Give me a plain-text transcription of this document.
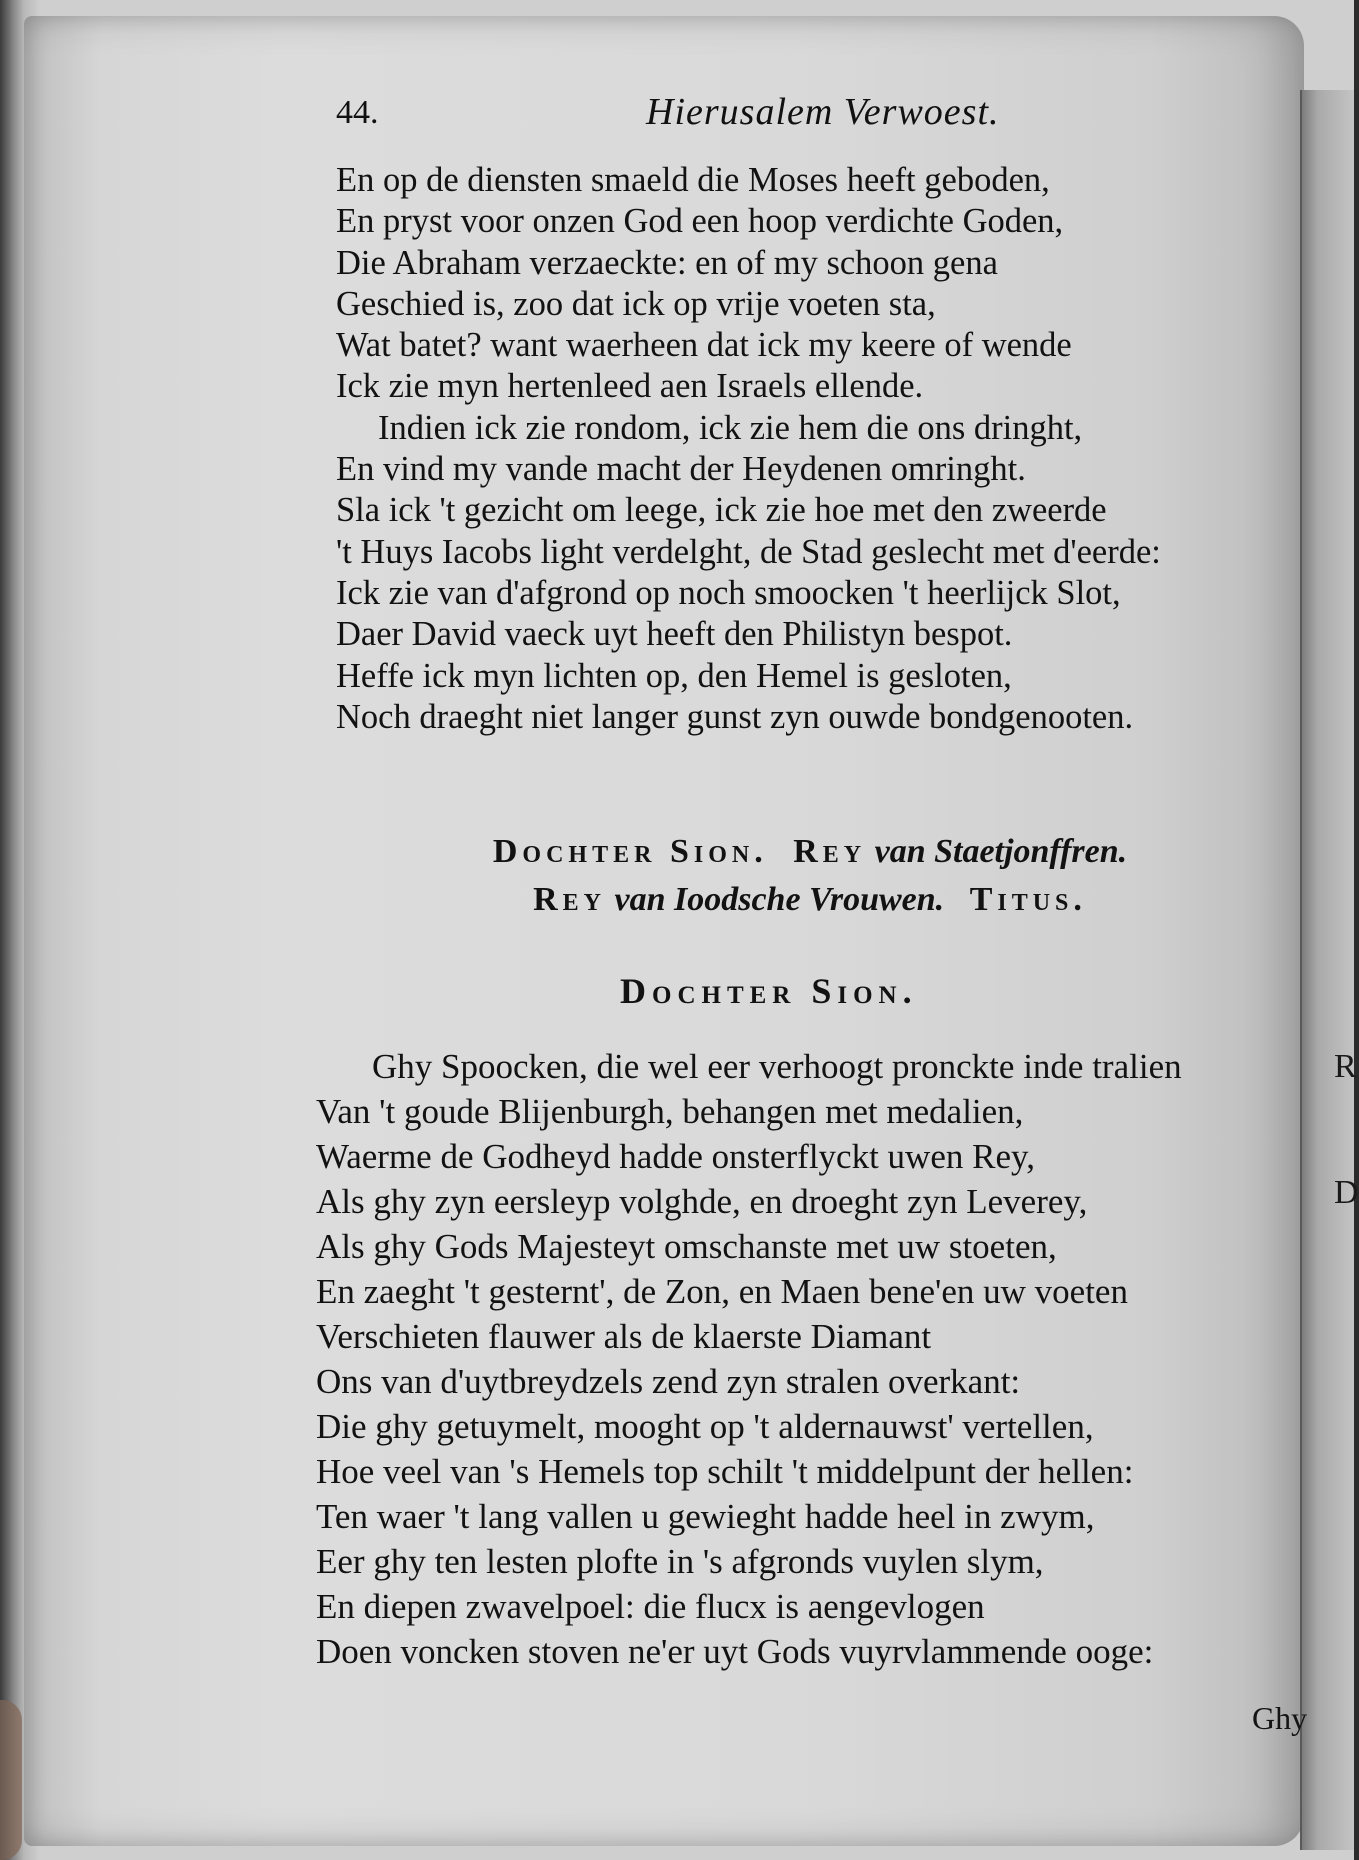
R
D
44.	Hierusalem Verwoest.
En op de diensten smaeld die Moses heeft geboden,
En pryst voor onzen God een hoop verdichte Goden,
Die Abraham verzaeckte: en of my schoon gena
Geschied is, zoo dat ick op vrije voeten sta,
Wat batet? want waerheen dat ick my keere of wende
Ick zie myn hertenleed aen Israels ellende.
Indien ick zie rondom, ick zie hem die ons dringht,
En vind my vande macht der Heydenen omringht.
Sla ick 't gezicht om leege, ick zie hoe met den zweerde
't Huys Iacobs light verdelght, de Stad geslecht met d'eerde:
Ick zie van d'afgrond op noch smoocken 't heerlijck Slot,
Daer David vaeck uyt heeft den Philistyn bespot.
Heffe ick myn lichten op, den Hemel is gesloten,
Noch draeght niet langer gunst zyn ouwde bondgenooten.
Dochter Sion. Rey van Staetjonffren.
Rey van Ioodsche Vrouwen. Titus.
Dochter Sion.
Ghy Spoocken, die wel eer verhoogt pronckte inde tralien
Van 't goude Blijenburgh, behangen met medalien,
Waerme de Godheyd hadde onsterflyckt uwen Rey,
Als ghy zyn eersleyp volghde, en droeght zyn Leverey,
Als ghy Gods Majesteyt omschanste met uw stoeten,
En zaeght 't gesternt', de Zon, en Maen bene'en uw voeten
Verschieten flauwer als de klaerste Diamant
Ons van d'uytbreydzels zend zyn stralen overkant:
Die ghy getuymelt, mooght op 't aldernauwst' vertellen,
Hoe veel van 's Hemels top schilt 't middelpunt der hellen:
Ten waer 't lang vallen u gewieght hadde heel in zwym,
Eer ghy ten lesten plofte in 's afgronds vuylen slym,
En diepen zwavelpoel: die flucx is aengevlogen
Doen voncken stoven ne'er uyt Gods vuyrvlammende ooge:
Ghy
